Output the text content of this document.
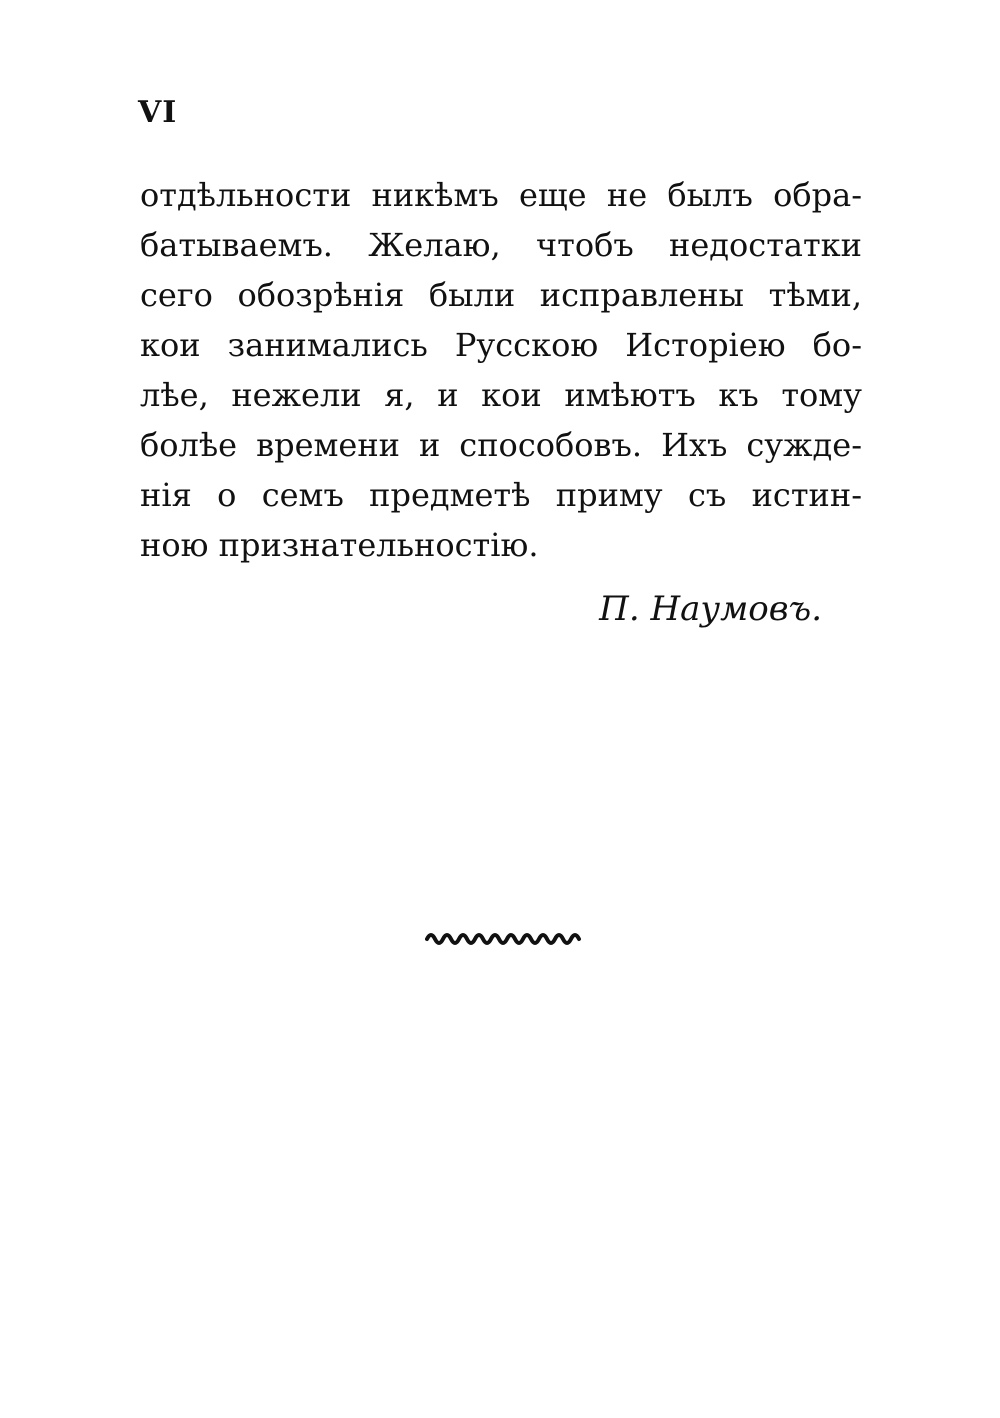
VI
отдѣльности никѣмъ еще не былъ обра-
батываемъ. Желаю, чтобъ недостатки
сего обозрѣнія были исправлены тѣми,
кои занимались Русскою Исторіею бо-
лѣе, нежели я, и кои имѣютъ къ тому
болѣе времени и способовъ. Ихъ сужде-
нія о семъ предметѣ приму съ истин-
ною признательностію.
П. Наумовъ.
